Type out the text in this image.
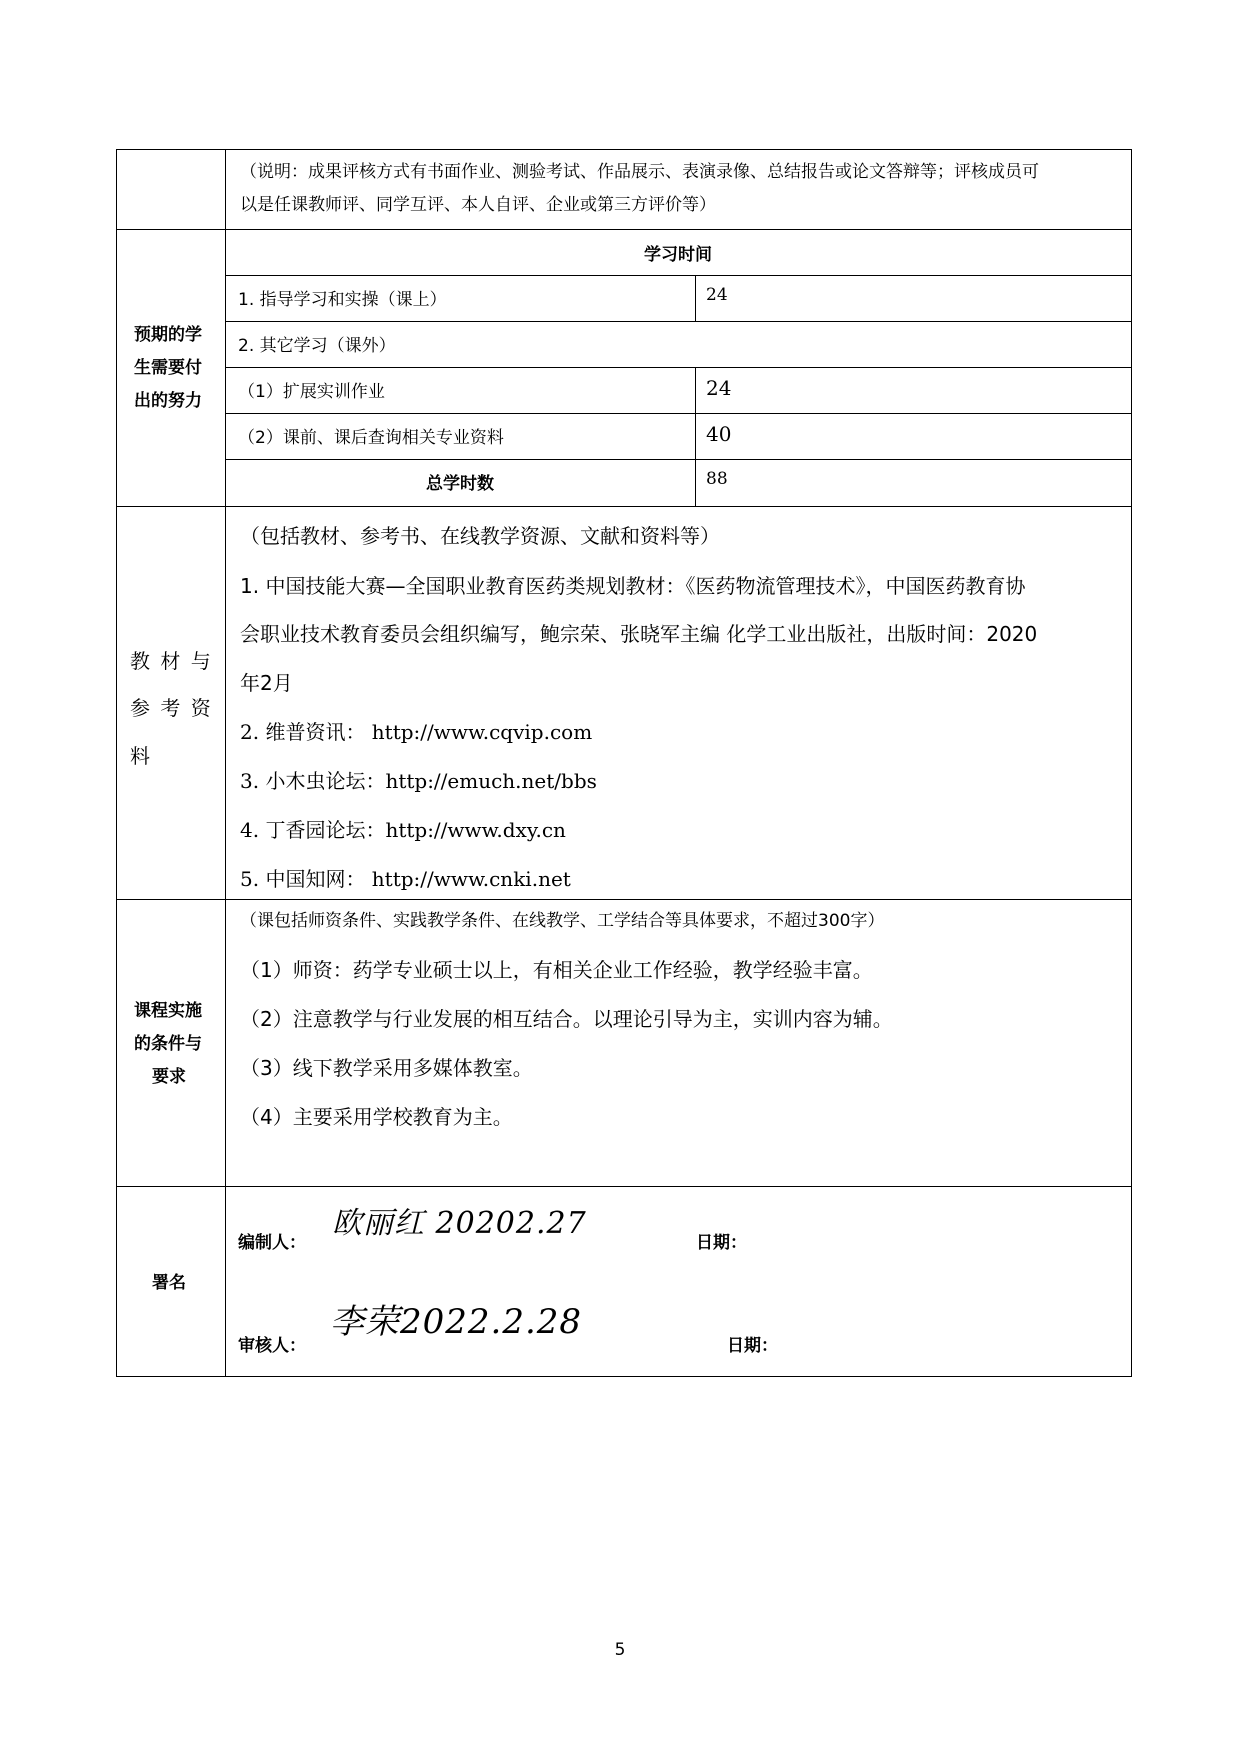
（说明：成果评核方式有书面作业、测验考试、作品展示、表演录像、总结报告或论文答辩等；评核成员可
以是任课教师评、同学互评、本人自评、企业或第三方评价等）
预期的学
生需要付
出的努力
学习时间
1. 指导学习和实操（课上）	24
2. 其它学习（课外）
（1）扩展实训作业	24
（2）课前、课后查询相关专业资料	40
总学时数	88
教 材 与
参 考 资
料
（包括教材、参考书、在线教学资源、文献和资料等）
1. 中国技能大赛—全国职业教育医药类规划教材：《医药物流管理技术》，中国医药教育协
会职业技术教育委员会组织编写，鲍宗荣、张晓军主编 化学工业出版社，出版时间：2020
年2月
2. 维普资讯： http://www.cqvip.com
3. 小木虫论坛：http://emuch.net/bbs
4. 丁香园论坛：http://www.dxy.cn
5. 中国知网： http://www.cnki.net
课程实施
的条件与
要求
（课包括师资条件、实践教学条件、在线教学、工学结合等具体要求，不超过300字）
（1）师资：药学专业硕士以上，有相关企业工作经验，教学经验丰富。
（2）注意教学与行业发展的相互结合。以理论引导为主，实训内容为辅。
（3）线下教学采用多媒体教室。
（4）主要采用学校教育为主。
署名
编制人：
欧丽红 20202.27
日期：
审核人：
李荣2022.2.28
日期：
5
